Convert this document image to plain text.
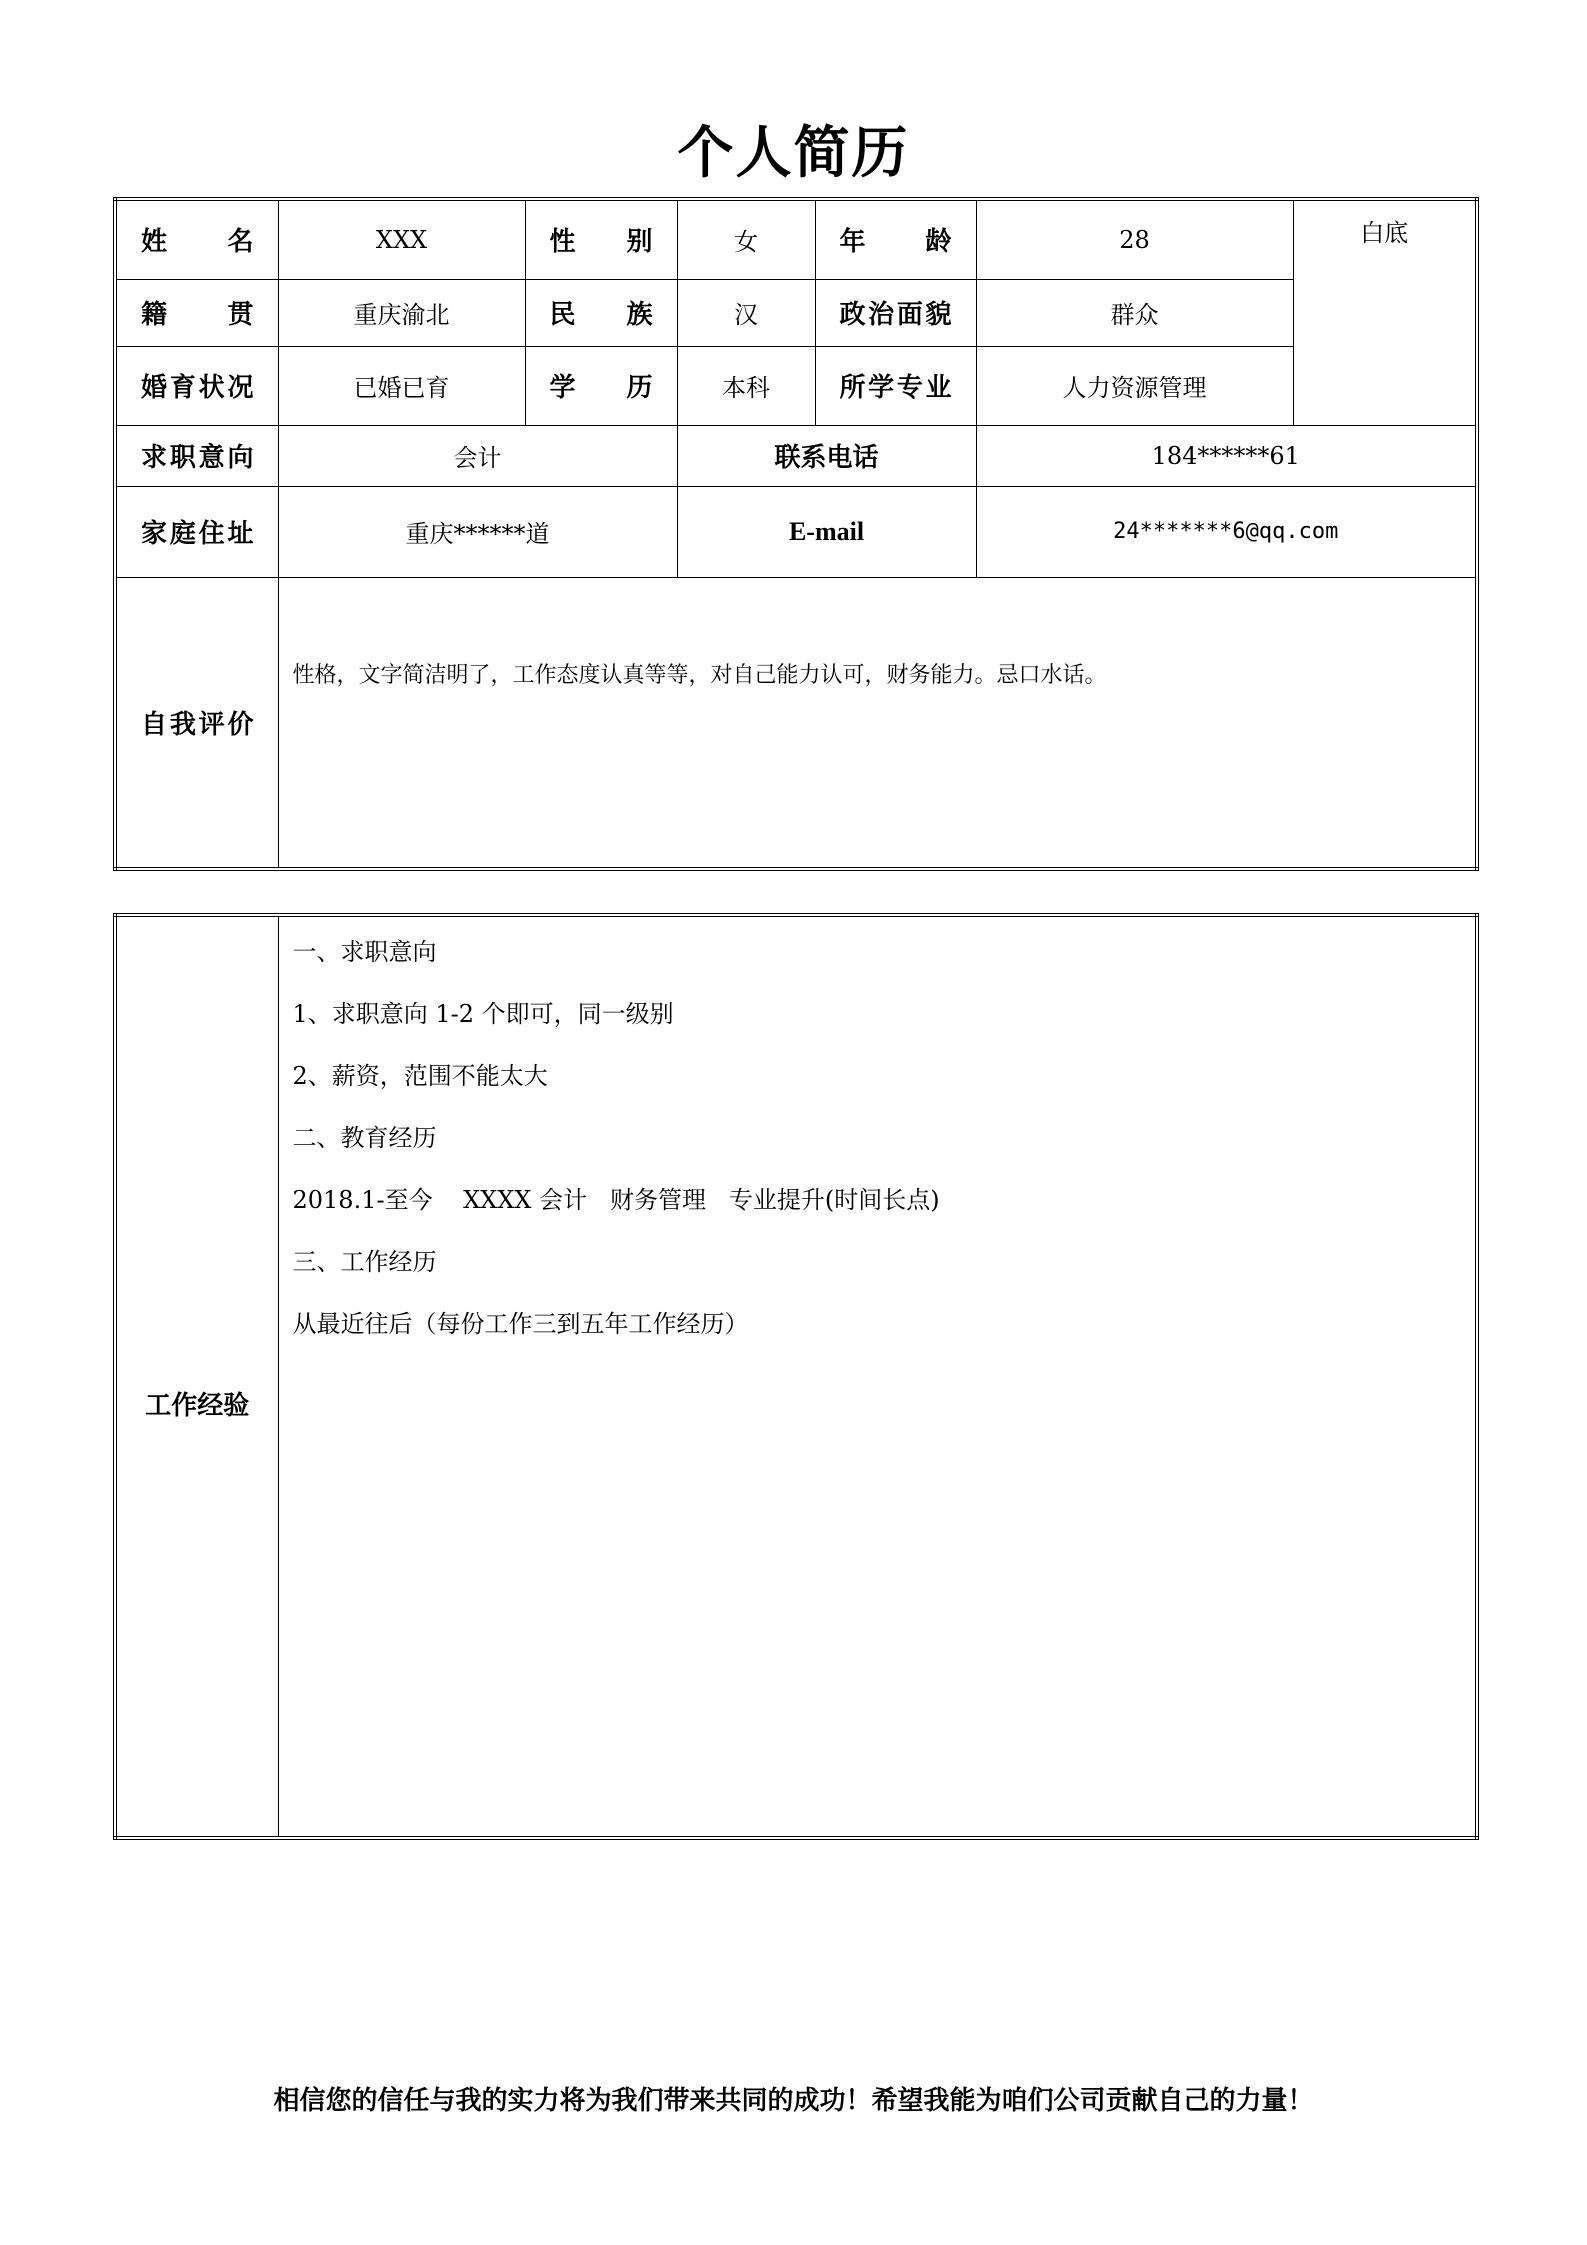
个人简历
姓名	XXX	性别	女	年龄	28	白底
籍贯	重庆渝北	民族	汉	政治面貌	群众	
婚育状况	已婚已育	学历	本科	所学专业	人力资源管理	
求职意向	会计		联系电话		184******61	
家庭住址	重庆******道		E-mail		24*******6@qq.com	
自我评价	性格，文字简洁明了，工作态度认真等等，对自己能力认可，财务能力。忌口水话。					
工作经验	
一、求职意向
1、求职意向 1-2 个即可，同一级别
2、薪资，范围不能太大
二、教育经历
2018.1-至今    XXXX 会计   财务管理   专业提升(时间长点)
三、工作经历
从最近往后（每份工作三到五年工作经历）
相信您的信任与我的实力将为我们带来共同的成功！希望我能为咱们公司贡献自己的力量！
